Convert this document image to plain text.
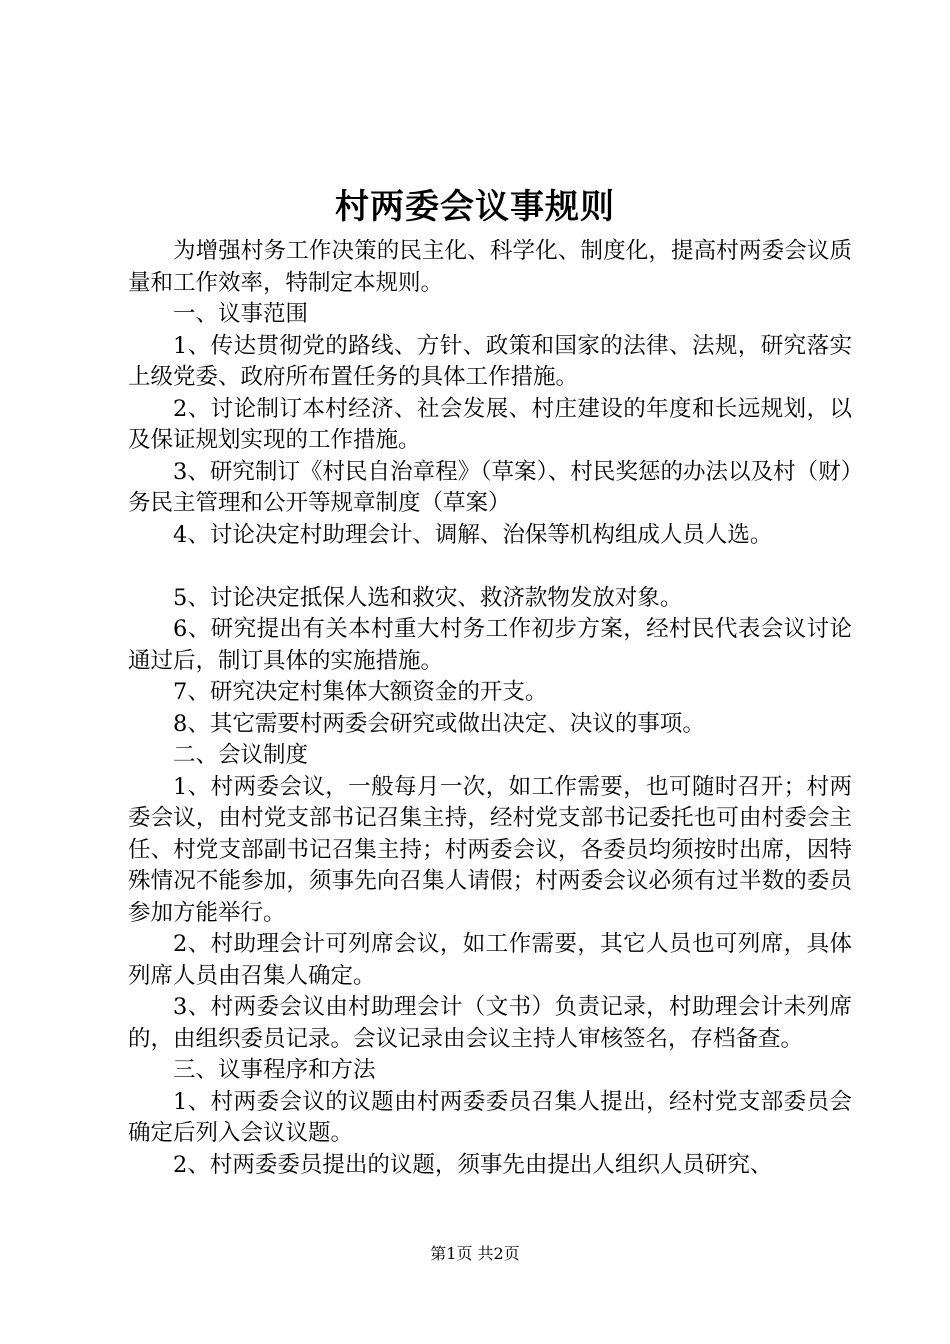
村两委会议事规则

为增强村务工作决策的民主化、科学化、制度化，提高村两委会议质量和工作效率，特制定本规则。

一、议事范围

1、传达贯彻党的路线、方针、政策和国家的法律、法规，研究落实上级党委、政府所布置任务的具体工作措施。

2、讨论制订本村经济、社会发展、村庄建设的年度和长远规划，以及保证规划实现的工作措施。

3、研究制订《村民自治章程》（草案）、村民奖惩的办法以及村（财）务民主管理和公开等规章制度（草案）

4、讨论决定村助理会计、调解、治保等机构组成人员人选。

5、讨论决定抵保人选和救灾、救济款物发放对象。

6、研究提出有关本村重大村务工作初步方案，经村民代表会议讨论通过后，制订具体的实施措施。

7、研究决定村集体大额资金的开支。

8、其它需要村两委会研究或做出决定、决议的事项。

二、会议制度

1、村两委会议，一般每月一次，如工作需要，也可随时召开；村两委会议，由村党支部书记召集主持，经村党支部书记委托也可由村委会主任、村党支部副书记召集主持；村两委会议，各委员均须按时出席，因特殊情况不能参加，须事先向召集人请假；村两委会议必须有过半数的委员参加方能举行。

2、村助理会计可列席会议，如工作需要，其它人员也可列席，具体列席人员由召集人确定。

3、村两委会议由村助理会计（文书）负责记录，村助理会计未列席的，由组织委员记录。会议记录由会议主持人审核签名，存档备查。

三、议事程序和方法

1、村两委会议的议题由村两委委员召集人提出，经村党支部委员会确定后列入会议议题。

2、村两委委员提出的议题，须事先由提出人组织人员研究、

第1页 共2页
